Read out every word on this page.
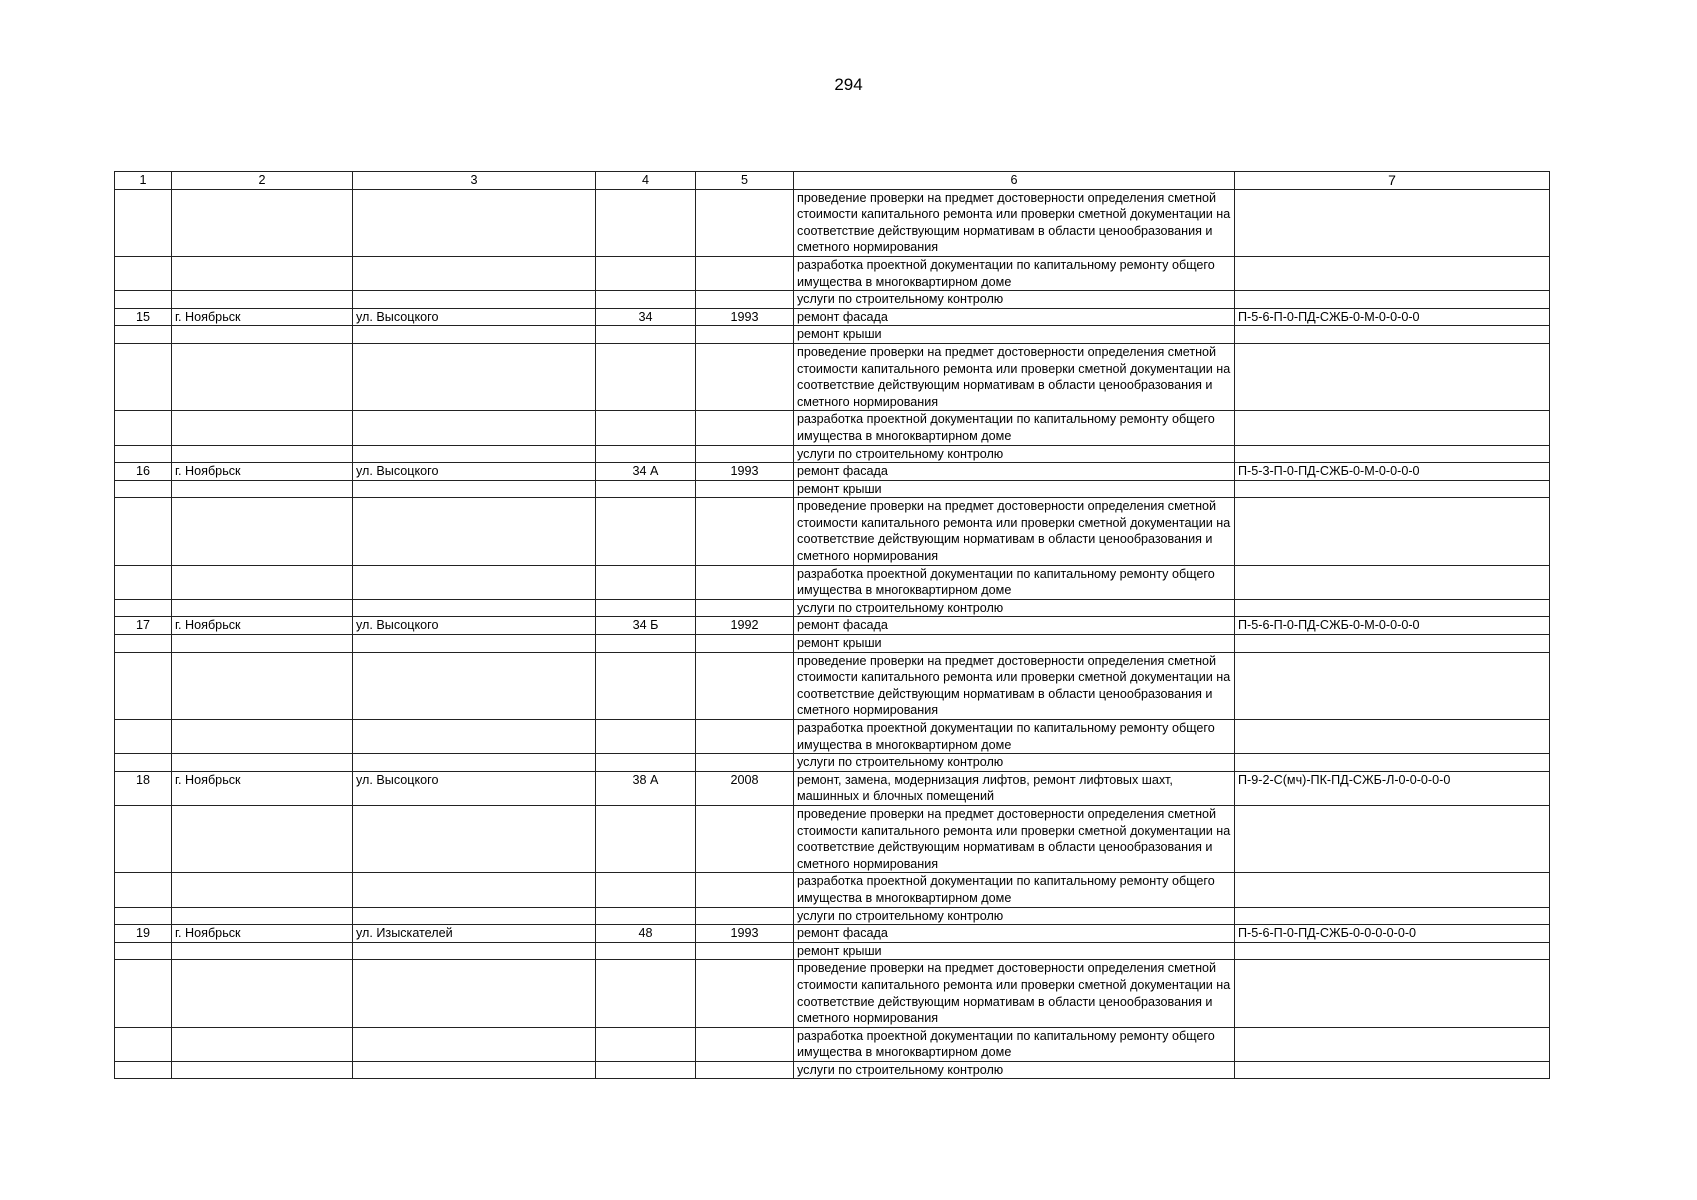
294
1	2	3	4	5	6	7
					проведение проверки на предмет достоверности определения сметной стоимости капитального ремонта или проверки сметной документации на соответствие действующим нормативам в области ценообразования и сметного нормирования	
					разработка проектной документации по капитальному ремонту общего имущества в многоквартирном доме	
					услуги по строительному контролю	
15	г. Ноябрьск	ул. Высоцкого	34	1993	ремонт фасада	П-5-6-П-0-ПД-СЖБ-0-М-0-0-0-0
					ремонт крыши	
					проведение проверки на предмет достоверности определения сметной стоимости капитального ремонта или проверки сметной документации на соответствие действующим нормативам в области ценообразования и сметного нормирования	
					разработка проектной документации по капитальному ремонту общего имущества в многоквартирном доме	
					услуги по строительному контролю	
16	г. Ноябрьск	ул. Высоцкого	34 А	1993	ремонт фасада	П-5-3-П-0-ПД-СЖБ-0-М-0-0-0-0
					ремонт крыши	
					проведение проверки на предмет достоверности определения сметной стоимости капитального ремонта или проверки сметной документации на соответствие действующим нормативам в области ценообразования и сметного нормирования	
					разработка проектной документации по капитальному ремонту общего имущества в многоквартирном доме	
					услуги по строительному контролю	
17	г. Ноябрьск	ул. Высоцкого	34 Б	1992	ремонт фасада	П-5-6-П-0-ПД-СЖБ-0-М-0-0-0-0
					ремонт крыши	
					проведение проверки на предмет достоверности определения сметной стоимости капитального ремонта или проверки сметной документации на соответствие действующим нормативам в области ценообразования и сметного нормирования	
					разработка проектной документации по капитальному ремонту общего имущества в многоквартирном доме	
					услуги по строительному контролю	
18	г. Ноябрьск	ул. Высоцкого	38 А	2008	ремонт, замена, модернизация лифтов, ремонт лифтовых шахт, машинных и блочных помещений	П-9-2-С(мч)-ПК-ПД-СЖБ-Л-0-0-0-0-0
					проведение проверки на предмет достоверности определения сметной стоимости капитального ремонта или проверки сметной документации на соответствие действующим нормативам в области ценообразования и сметного нормирования	
					разработка проектной документации по капитальному ремонту общего имущества в многоквартирном доме	
					услуги по строительному контролю	
19	г. Ноябрьск	ул. Изыскателей	48	1993	ремонт фасада	П-5-6-П-0-ПД-СЖБ-0-0-0-0-0-0
					ремонт крыши	
					проведение проверки на предмет достоверности определения сметной стоимости капитального ремонта или проверки сметной документации на соответствие действующим нормативам в области ценообразования и сметного нормирования	
					разработка проектной документации по капитальному ремонту общего имущества в многоквартирном доме	
					услуги по строительному контролю	
